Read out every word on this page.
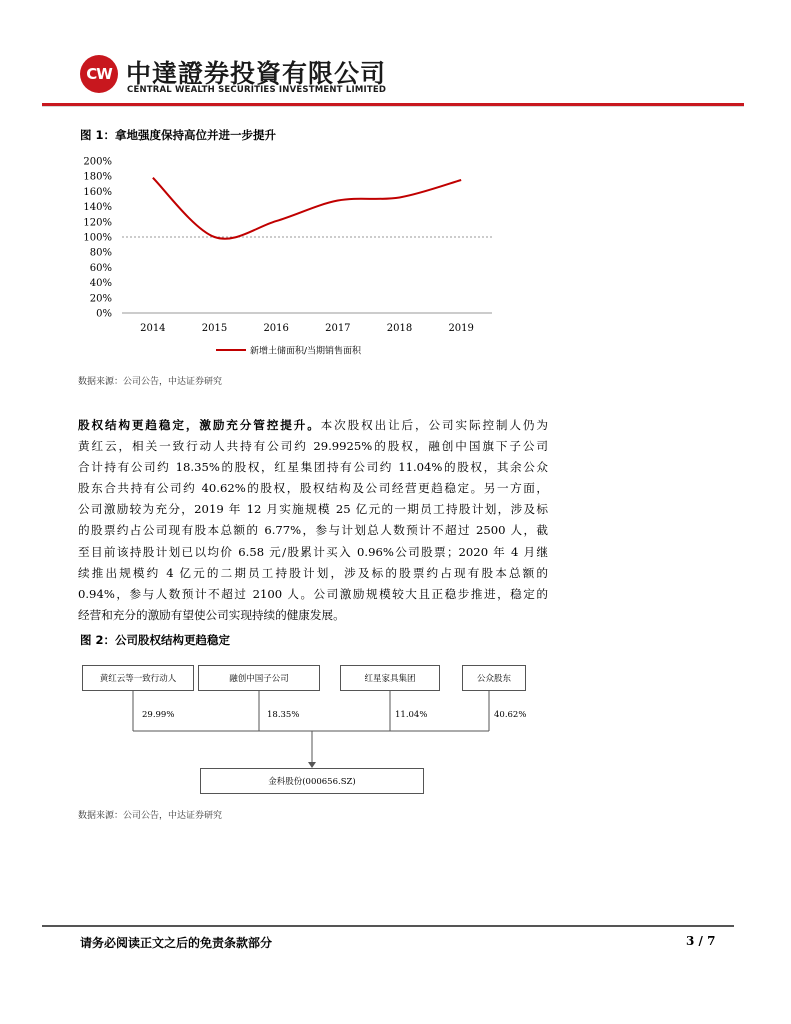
CW 中達證券投資有限公司
CENTRAL WEALTH SECURITIES INVESTMENT LIMITED
图 1：拿地强度保持高位并进一步提升
0%
20%
40%
60%
80%
100%
120%
140%
160%
180%
200%
2014	2015	2016	2017	2018	2019
新增土储面积/当期销售面积
数据来源：公司公告，中达证券研究
股权结构更趋稳定，激励充分管控提升。本次股权出让后，公司实际控制人仍为
黄红云，相关一致行动人共持有公司约 29.9925%的股权，融创中国旗下子公司
合计持有公司约 18.35%的股权，红星集团持有公司约 11.04%的股权，其余公众
股东合共持有公司约 40.62%的股权，股权结构及公司经营更趋稳定。另一方面，
公司激励较为充分，2019 年 12 月实施规模 25 亿元的一期员工持股计划，涉及标
的股票约占公司现有股本总额的 6.77%，参与计划总人数预计不超过 2500 人，截
至目前该持股计划已以均价 6.58 元/股累计买入 0.96%公司股票；2020 年 4 月继
续推出规模约 4 亿元的二期员工持股计划，涉及标的股票约占现有股本总额的
0.94%，参与人数预计不超过 2100 人。公司激励规模较大且正稳步推进，稳定的
经营和充分的激励有望使公司实现持续的健康发展。
图 2：公司股权结构更趋稳定
黄红云等一致行动人	融创中国子公司	红星家具集团	公众股东
29.99%	18.35%	11.04%	40.62%
金科股份(000656.SZ)
数据来源：公司公告，中达证券研究
请务必阅读正文之后的免责条款部分	3 / 7
